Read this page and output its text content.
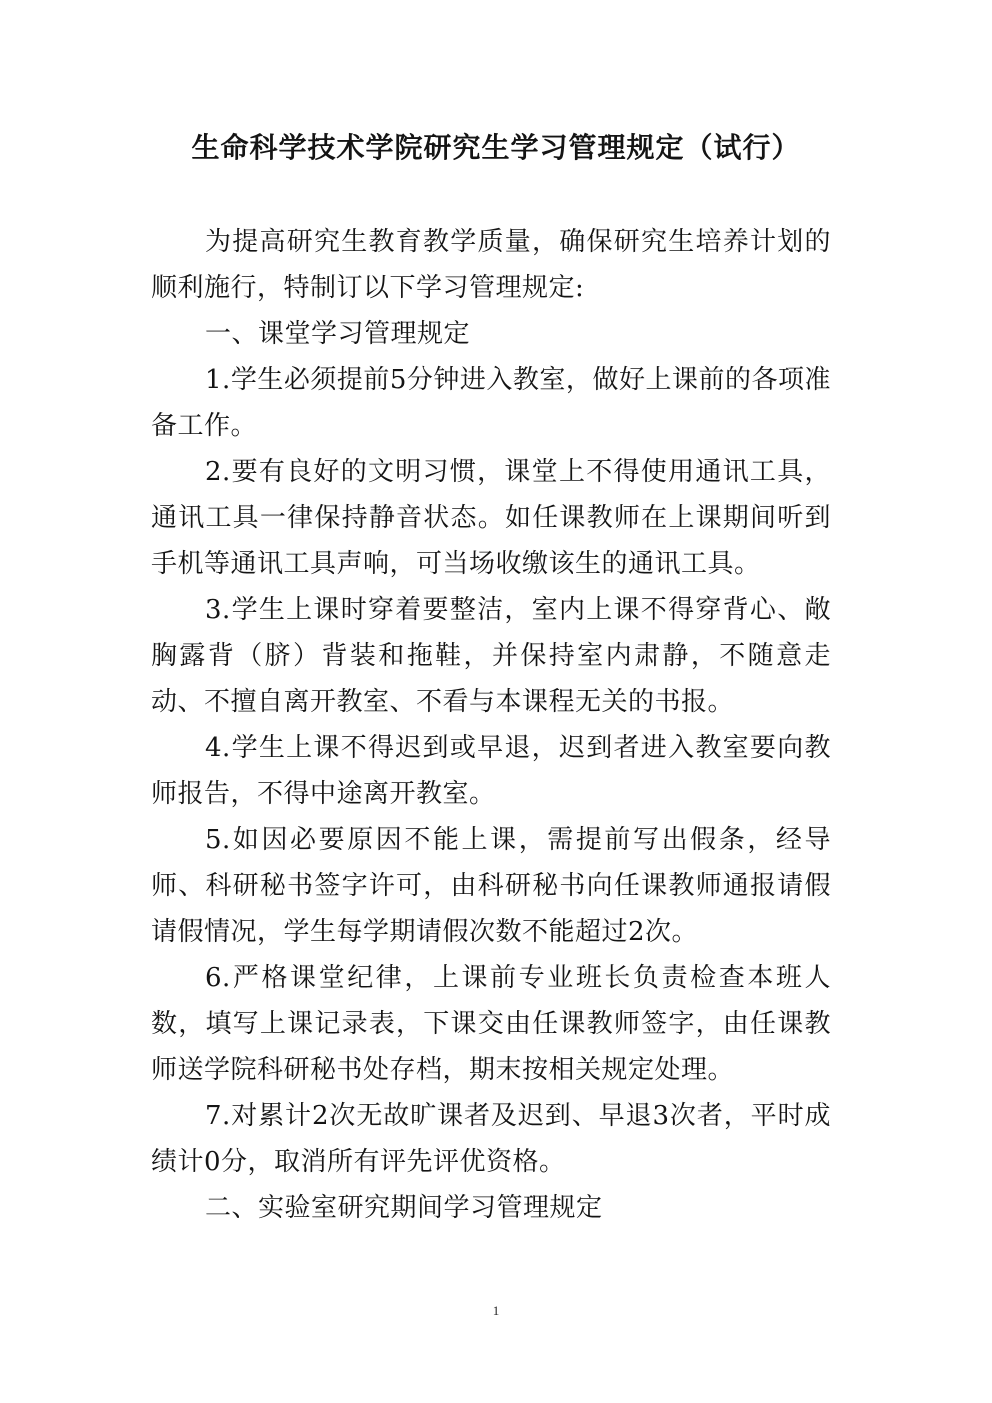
生命科学技术学院研究生学习管理规定（试行）

为提高研究生教育教学质量，确保研究生培养计划的顺利施行，特制订以下学习管理规定:

一、课堂学习管理规定

1.学生必须提前5分钟进入教室，做好上课前的各项准备工作。

2.要有良好的文明习惯，课堂上不得使用通讯工具，通讯工具一律保持静音状态。如任课教师在上课期间听到手机等通讯工具声响，可当场收缴该生的通讯工具。

3.学生上课时穿着要整洁，室内上课不得穿背心、敞胸露背（脐）背装和拖鞋，并保持室内肃静，不随意走动、不擅自离开教室、不看与本课程无关的书报。

4.学生上课不得迟到或早退，迟到者进入教室要向教师报告，不得中途离开教室。

5.如因必要原因不能上课，需提前写出假条，经导师、科研秘书签字许可，由科研秘书向任课教师通报请假请假情况，学生每学期请假次数不能超过2次。

6.严格课堂纪律，上课前专业班长负责检查本班人数，填写上课记录表，下课交由任课教师签字，由任课教师送学院科研秘书处存档，期末按相关规定处理。

7.对累计2次无故旷课者及迟到、早退3次者，平时成绩计0分，取消所有评先评优资格。

二、实验室研究期间学习管理规定

1
